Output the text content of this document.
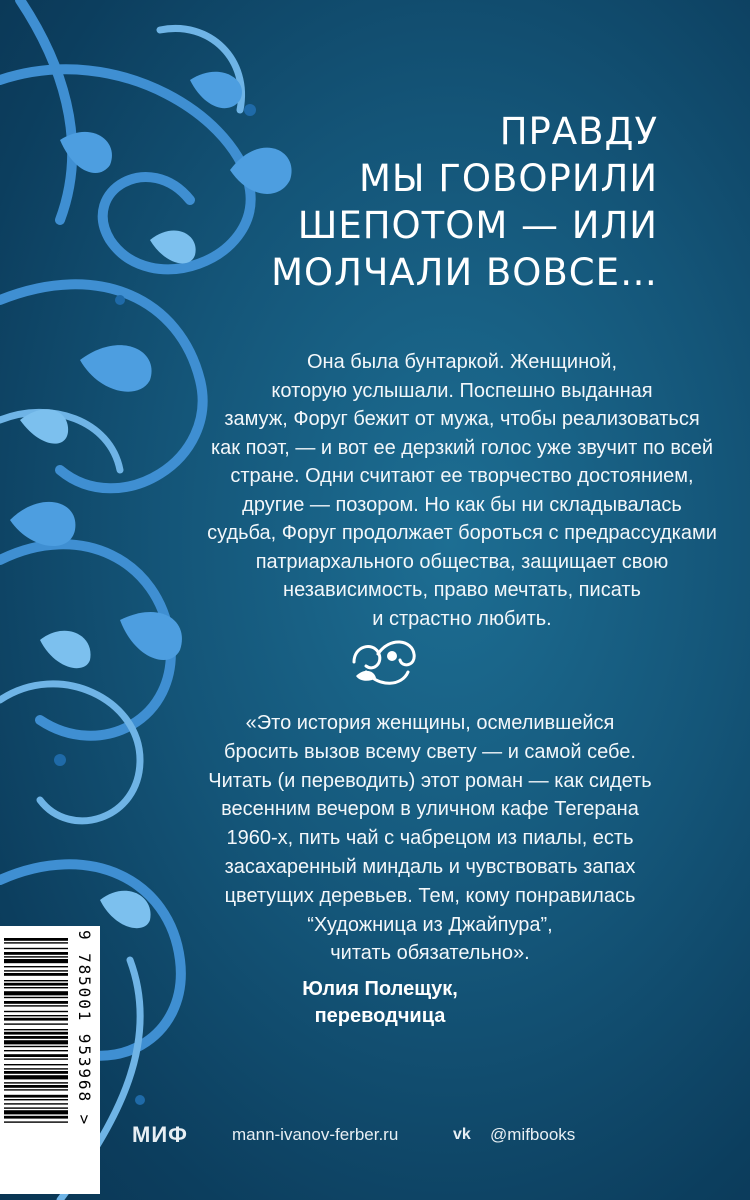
ПРАВДУ
МЫ ГОВОРИЛИ
ШЕПОТОМ — ИЛИ
МОЛЧАЛИ ВОВСЕ…
Она была бунтаркой. Женщиной,
которую услышали. Поспешно выданная
замуж, Форуг бежит от мужа, чтобы реализоваться
как поэт, — и вот ее дерзкий голос уже звучит по всей
стране. Одни считают ее творчество достоянием,
другие — позором. Но как бы ни складывалась
судьба, Форуг продолжает бороться с предрассудками
патриархального общества, защищает свою
независимость, право мечтать, писать
и страстно любить.
«Это история женщины, осмелившейся
бросить вызов всему свету — и самой себе.
Читать (и переводить) этот роман — как сидеть
весенним вечером в уличном кафе Тегерана
1960-х, пить чай с чабрецом из пиалы, есть
засахаренный миндаль и чувствовать запах
цветущих деревьев. Тем, кому понравилась
“Художница из Джайпура”,
читать обязательно».
Юлия Полещук,
переводчица
9 785001 953968 >
МИФ	mann-ivanov-ferber.ru	vk @mifbooks
